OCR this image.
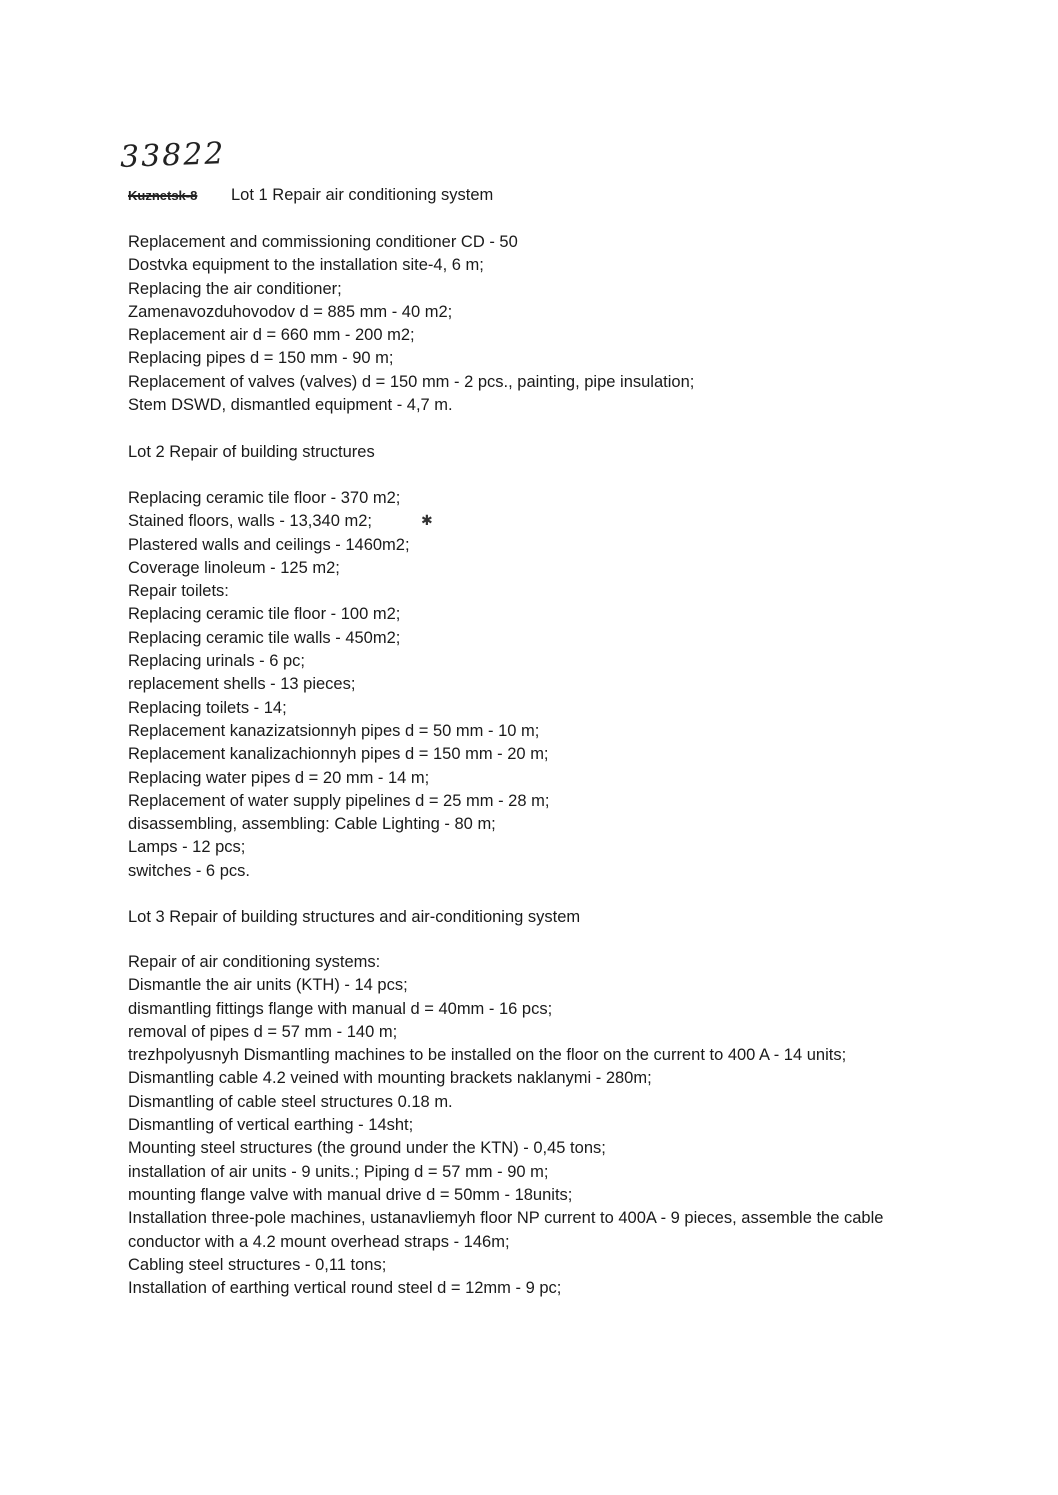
33822
Kuznetsk-8 Lot 1 Repair air conditioning system
Replacement and commissioning conditioner CD - 50
Dostvka equipment to the installation site-4, 6 m;
Replacing the air conditioner;
Zamenavozduhovodov d = 885 mm - 40 m2;
Replacement air d = 660 mm - 200 m2;
Replacing pipes d = 150 mm - 90 m;
Replacement of valves (valves) d = 150 mm - 2 pcs., painting, pipe insulation;
Stem DSWD, dismantled equipment - 4,7 m.
Lot 2 Repair of building structures
Replacing ceramic tile floor - 370 m2;
Stained floors, walls - 13,340 m2;
Plastered walls and ceilings - 1460m2;
Coverage linoleum - 125 m2;
Repair toilets:
Replacing ceramic tile floor - 100 m2;
Replacing ceramic tile walls - 450m2;
Replacing urinals - 6 pc;
replacement shells - 13 pieces;
Replacing toilets - 14;
Replacement kanazizatsionnyh pipes d = 50 mm - 10 m;
Replacement kanalizachionnyh pipes d = 150 mm - 20 m;
Replacing water pipes d = 20 mm - 14 m;
Replacement of water supply pipelines d = 25 mm - 28 m;
disassembling, assembling: Cable Lighting - 80 m;
Lamps - 12 pcs;
switches - 6 pcs.
✱
Lot 3 Repair of building structures and air-conditioning system
Repair of air conditioning systems:
Dismantle the air units (KTH) - 14 pcs;
dismantling fittings flange with manual d = 40mm - 16 pcs;
removal of pipes d = 57 mm - 140 m;
trezhpolyusnyh Dismantling machines to be installed on the floor on the current to 400 A - 14 units;
Dismantling cable 4.2 veined with mounting brackets naklanymi - 280m;
Dismantling of cable steel structures 0.18 m.
Dismantling of vertical earthing - 14sht;
Mounting steel structures (the ground under the KTN) - 0,45 tons;
installation of air units - 9 units.; Piping d = 57 mm - 90 m;
mounting flange valve with manual drive d = 50mm - 18units;
Installation three-pole machines, ustanavliemyh floor NP current to 400A - 9 pieces, assemble the cable
conductor with a 4.2 mount overhead straps - 146m;
Cabling steel structures - 0,11 tons;
Installation of earthing vertical round steel d = 12mm - 9 pc;
